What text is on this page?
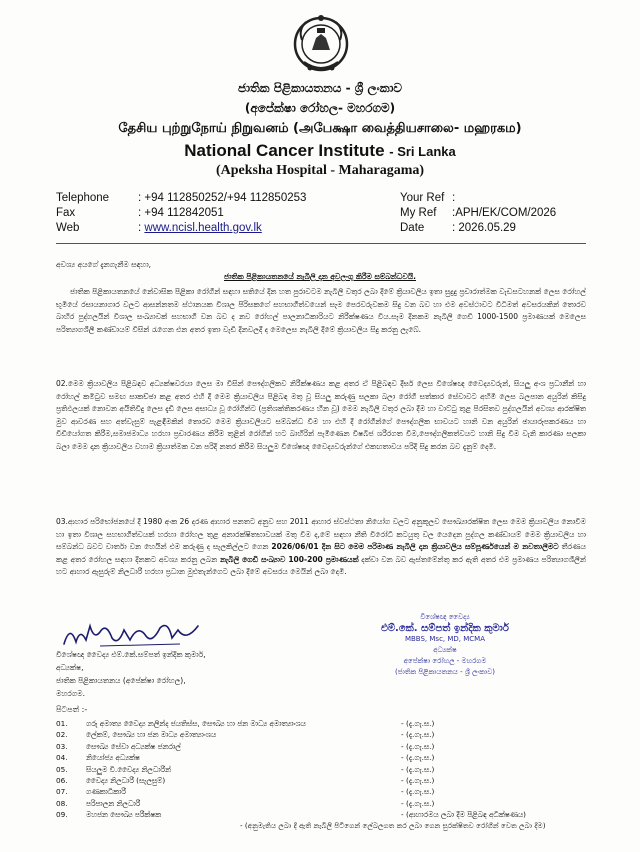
ජාතික පිළිකායතනය - ශ්‍රී ලංකාව
(අපේක්ෂා රෝහල- මහරගම)
தேசிய புற்றுநோய் நிறுவனம் (அபேக்ஷா வைத்தியசாலை- மஹரகம)
National Cancer Institute - Sri Lanka
(Apeksha Hospital - Maharagama)
Telephone	: +94 112850252/+94 112850253
Fax	: +94 112842051
Web	: www.ncisl.health.gov.lk
Your Ref :
My Ref :APH/EK/COM/2026
Date : 2026.05.29
අවශ්‍ය අයගේ දැනගැනීම සඳහා,
ජාතික පිළිකායතනයේ නැබිලි දාන අවලංගු කිරීම සම්බන්ධවයි.
ජාතික පිළිකායතනයේ නේවාසික පිළිකා රෝගීන් සඳහා සතියේ දින හත පුරාවටම නැබිලි වතුර ලබා දීමේ ක්‍රියාවලිය ඉතා සුදුදු ප්‍රචාරාත්මක වැඩසටහනක් ලෙස රෝහල් භූමියේ රසායනාගාර වලට ආසන්නතම ස්ථානයක විශාල පිරිසකගේ සහභාගීත්වයෙන් සෑම පෙරවරුවකම සිදු වන බව හා එම අවස්ථාවට විධිමත් අවසරයකින් තොරව බාහිර පුද්ගලයින් විශාල සංඛ්‍යාවක් සහභාගී වන බව ද නව රෝහල් පාලනාධිකාරියට නිරීක්ෂණය විය.සෑම දිනකම නැබිලි ගෙඩි 1000-1500 ප්‍රමාණයක් මෙලෙස පරිත්‍යාගශීලී කණ්ඩායම් විසින් රැගෙන එන අතර ඉතා වැඩි දිනවලදී ද මෙලෙස නැබිලි දීමේ ක්‍රියාවලිය සිදු කරනු ලැබේ.
02.මෙම ක්‍රියාවලිය පිළිබඳව අධ්‍යක්ෂවරයා ලෙස මා විසින් පෞද්ගලිකව නිරීක්ෂණය කළ අතර ඒ පිළිබඳව දීර්ඝ ලෙස විශේෂඥ වෛද්‍යවරුන්, සියලු අංශ ප්‍රධානීන් හා රෝහල් කමිටුව සමඟ සාකච්ඡා කළ අතර එහි දී මෙම ක්‍රියාවලිය පිළිබඳ මතු වූ සියලු කරුණු සලකා බලා රෝගී සත්කාර සේවාවට අහිමි ලෙස බලපාන අයුරින් කිසිදු ප්‍රතිඵලයක් නොවන අයිතිවිදු ලෙස දැඩි ලෙස අසාධ්‍ය වූ රෝගීන්ට (ප්‍රතිශක්තිකරණය හීන වූ) මෙම නැබිලි වතුර ලබා දීම හා වාට්ටු තුළ පිරසිතව පුද්ගලයින් අවශ්‍ය ආරක්ෂිත මුව ආවරණ සහ අත්වැසුම් පැළඳීමකින් තොරව මෙම ක්‍රියාවලියට සම්බන්ධ වීම හා එහි දී රෝගීන්ගේ පෞද්ගලික භාවයට හානි වන අයුරින් ඡායාරූපකරණය හා වීඩියෝගත කිරීම,සමාජමාධ්‍ය හරහා ප්‍රචාරණය කිරීම තුළින් රෝගීන් හට බාහිරින් පැමිණෙන විෂබීජ ශරීරගත වීම,පෞද්ගලිකත්වයට හානි සිදු වීම වැනි කාරණා සලකා බලා මෙම දාන ක්‍රියාවලිය වහාම ක්‍රියාත්මක වන පරිදි නතර කිරීම සියලුම විශේෂඥ වෛද්‍යවරුන්ගේ එකඟතාවය පරිදි සිදු කරන බව දැනුම් දෙමි.
03.ආහාර පරිභෝජනයේ දී 1980 අංක 26 දරණ ආහාර පනතට අනුව සහ 2011 ආහාර ස්වස්ථතා නියෝග වලට අනුකූලව සෞඛ්‍යාරක්ෂිත ලෙස මෙම ක්‍රියාවලිය නොවීම හා ඉතා විශාල සහභාගීත්වයක් හරහා රෝහල තුළ අනාරක්ෂිතභාවයක් මතු වීම ද,මේ සඳහා නීති විරෝධී කටයුතු වල යෙදෙන පුද්ගල කණ්ඩායම් මෙම ක්‍රියාවලිය හා සම්බන්ධ බවට වාර්තා වන හෙයින් එම කරුණු ද සැලකිල්ලට ගෙන 2026/06/01 දින සිට මෙම පරිමාණ නැබිලි දාන ක්‍රියාවලිය සම්පූර්ණයෙන් ම නවතාලීමට තීරණය කළ අතර රෝහල සඳහා දිනකට අවශ්‍ය කරනු ලබන නැබිලි ගෙඩි සංඛ්‍යාව 100-200 ප්‍රමාණයක් දක්වා වන බව ඇස්තමේන්තු කර ඇති අතර එම ප්‍රමාණය පරිත්‍යාගශීලීන් හට ආහාර ඇසුරුම් නිලධාරී හරහා ප්‍රධාන මුළුතැන්ගෙට ලබා දීමේ අවසරය මෙයින් ලබා දෙමි.
විශේෂඥ වෛද්‍ය එම්.කේ.සම්පත් ඉන්දික කුමාර්,
අධ්‍යක්ෂ,
ජාතික පිළිකායතනය (අපේක්ෂා රෝහල),
මහරගම.
විශේෂඥ වෛද්‍ය
එම්.කේ. සම්පත් ඉන්දික කුමාර්
MBBS, Msc, MD, MCMA
අධ්‍යක්ෂ
අපේක්ෂා රෝහල - මහරගම
(ජාතික පිළිකායතනය - ශ්‍රී ලංකාව)
පිටපත් :-
01.	ගරු අමාත්‍ය වෛද්‍ය නලින්ද ජයතිස්ස, සෞඛ්‍ය හා ජන මාධ්‍ය අමාත්‍යාංශය	- (දැ.ගැ.ස.)
02.	ලේකම්, සෞඛ්‍ය හා ජන මාධ්‍ය අමාත්‍යාංශය	- (දැ.ගැ.ස.)
03.	සෞඛ්‍ය සේවා අධ්‍යක්ෂ ජනරාල්	- (දැ.ගැ.ස.)
04.	නියෝජ්‍ය අධ්‍යක්ෂ	- (දැ.ගැ.ස.)
05.	සියලුම වි.වෛද්‍ය නිලධාරීන්	- (දැ.ගැ.ස.)
06.	වෛද්‍ය නිලධාරී (සැලසුම්)	- (දැ.ගැ.ස.)
07.	ගණකාධිකාරී	- (දැ.ගැ.ස.)
08.	පරිපාලන නිලධාරී	- (දැ.ගැ.ස.)
09.	මහජන සෞඛ්‍ය පරීක්ෂක	- (ආහාරමය ලබා දීම පිළිබඳ අධීක්ෂණය)
- (අනුමැතිය ලබා දී ඇති නැබිලි පිටිගෙන් ලේබලගත කර ලබා ගෙන සුරක්ෂිතව රෝගීන් වෙත ලබා දීම)
